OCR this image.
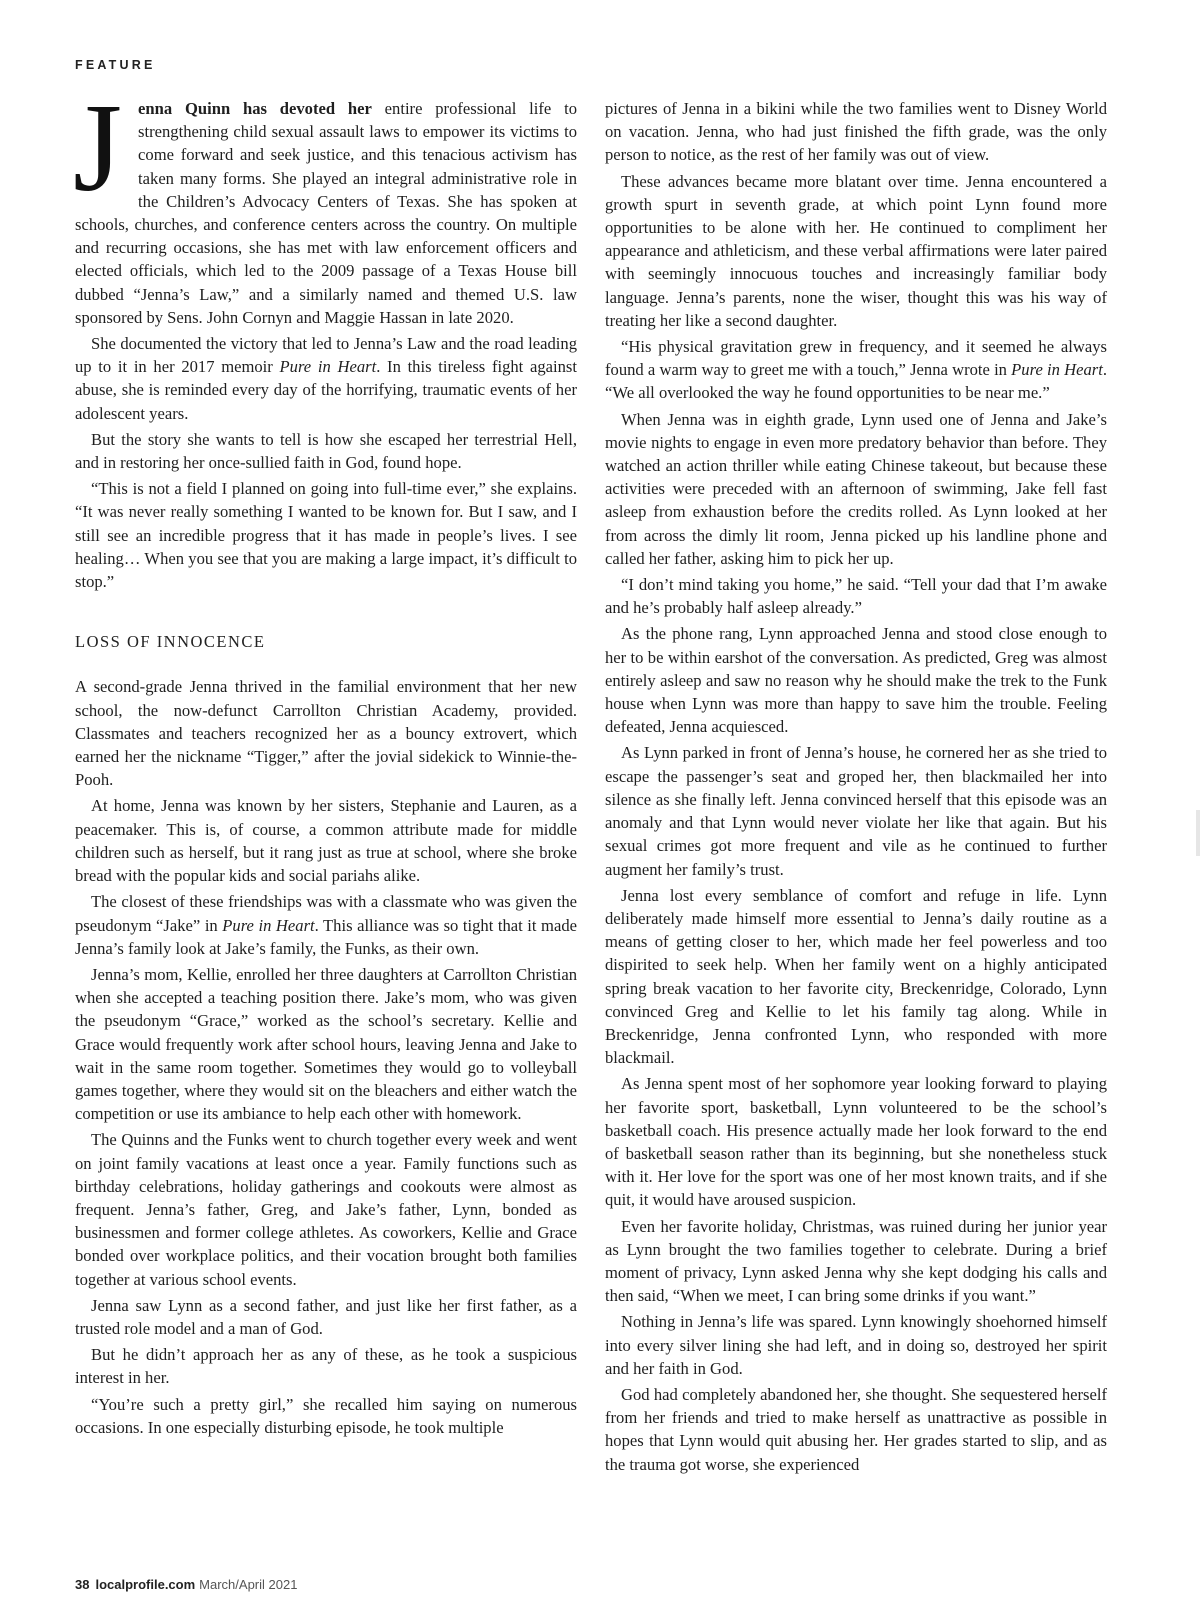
FEATURE

Jenna Quinn has devoted her entire professional life to strengthening child sexual assault laws to empower its victims to come forward and seek justice, and this tenacious activism has taken many forms. She played an integral administrative role in the Children’s Advocacy Centers of Texas. She has spoken at schools, churches, and conference centers across the country. On multiple and recurring occasions, she has met with law enforcement officers and elected officials, which led to the 2009 passage of a Texas House bill dubbed “Jenna’s Law,” and a similarly named and themed U.S. law sponsored by Sens. John Cornyn and Maggie Hassan in late 2020.

She documented the victory that led to Jenna’s Law and the road leading up to it in her 2017 memoir Pure in Heart. In this tireless fight against abuse, she is reminded every day of the horrifying, traumatic events of her adolescent years.

But the story she wants to tell is how she escaped her terrestrial Hell, and in restoring her once-sullied faith in God, found hope.

“This is not a field I planned on going into full-time ever,” she explains. “It was never really something I wanted to be known for. But I saw, and I still see an incredible progress that it has made in people’s lives. I see healing… When you see that you are making a large impact, it’s difficult to stop.”

LOSS OF INNOCENCE

A second-grade Jenna thrived in the familial environment that her new school, the now-defunct Carrollton Christian Academy, provided. Classmates and teachers recognized her as a bouncy extrovert, which earned her the nickname “Tigger,” after the jovial sidekick to Winnie-the-Pooh.

At home, Jenna was known by her sisters, Stephanie and Lauren, as a peacemaker. This is, of course, a common attribute made for middle children such as herself, but it rang just as true at school, where she broke bread with the popular kids and social pariahs alike.

The closest of these friendships was with a classmate who was given the pseudonym “Jake” in Pure in Heart. This alliance was so tight that it made Jenna’s family look at Jake’s family, the Funks, as their own.

Jenna’s mom, Kellie, enrolled her three daughters at Carrollton Christian when she accepted a teaching position there. Jake’s mom, who was given the pseudonym “Grace,” worked as the school’s secretary. Kellie and Grace would frequently work after school hours, leaving Jenna and Jake to wait in the same room together. Sometimes they would go to volleyball games together, where they would sit on the bleachers and either watch the competition or use its ambiance to help each other with homework.

The Quinns and the Funks went to church together every week and went on joint family vacations at least once a year. Family functions such as birthday celebrations, holiday gatherings and cookouts were almost as frequent. Jenna’s father, Greg, and Jake’s father, Lynn, bonded as businessmen and former college athletes. As coworkers, Kellie and Grace bonded over workplace politics, and their vocation brought both families together at various school events.

Jenna saw Lynn as a second father, and just like her first father, as a trusted role model and a man of God.

But he didn’t approach her as any of these, as he took a suspicious interest in her.

“You’re such a pretty girl,” she recalled him saying on numerous occasions. In one especially disturbing episode, he took multiple

pictures of Jenna in a bikini while the two families went to Disney World on vacation. Jenna, who had just finished the fifth grade, was the only person to notice, as the rest of her family was out of view.

These advances became more blatant over time. Jenna encountered a growth spurt in seventh grade, at which point Lynn found more opportunities to be alone with her. He continued to compliment her appearance and athleticism, and these verbal affirmations were later paired with seemingly innocuous touches and increasingly familiar body language. Jenna’s parents, none the wiser, thought this was his way of treating her like a second daughter.

“His physical gravitation grew in frequency, and it seemed he always found a warm way to greet me with a touch,” Jenna wrote in Pure in Heart. “We all overlooked the way he found opportunities to be near me.”

When Jenna was in eighth grade, Lynn used one of Jenna and Jake’s movie nights to engage in even more predatory behavior than before. They watched an action thriller while eating Chinese takeout, but because these activities were preceded with an afternoon of swimming, Jake fell fast asleep from exhaustion before the credits rolled. As Lynn looked at her from across the dimly lit room, Jenna picked up his landline phone and called her father, asking him to pick her up.

“I don’t mind taking you home,” he said. “Tell your dad that I’m awake and he’s probably half asleep already.”

As the phone rang, Lynn approached Jenna and stood close enough to her to be within earshot of the conversation. As predicted, Greg was almost entirely asleep and saw no reason why he should make the trek to the Funk house when Lynn was more than happy to save him the trouble. Feeling defeated, Jenna acquiesced.

As Lynn parked in front of Jenna’s house, he cornered her as she tried to escape the passenger’s seat and groped her, then blackmailed her into silence as she finally left. Jenna convinced herself that this episode was an anomaly and that Lynn would never violate her like that again. But his sexual crimes got more frequent and vile as he continued to further augment her family’s trust.

Jenna lost every semblance of comfort and refuge in life. Lynn deliberately made himself more essential to Jenna’s daily routine as a means of getting closer to her, which made her feel powerless and too dispirited to seek help. When her family went on a highly anticipated spring break vacation to her favorite city, Breckenridge, Colorado, Lynn convinced Greg and Kellie to let his family tag along. While in Breckenridge, Jenna confronted Lynn, who responded with more blackmail.

As Jenna spent most of her sophomore year looking forward to playing her favorite sport, basketball, Lynn volunteered to be the school’s basketball coach. His presence actually made her look forward to the end of basketball season rather than its beginning, but she nonetheless stuck with it. Her love for the sport was one of her most known traits, and if she quit, it would have aroused suspicion.

Even her favorite holiday, Christmas, was ruined during her junior year as Lynn brought the two families together to celebrate. During a brief moment of privacy, Lynn asked Jenna why she kept dodging his calls and then said, “When we meet, I can bring some drinks if you want.”

Nothing in Jenna’s life was spared. Lynn knowingly shoehorned himself into every silver lining she had left, and in doing so, destroyed her spirit and her faith in God.

God had completely abandoned her, she thought. She sequestered herself from her friends and tried to make herself as unattractive as possible in hopes that Lynn would quit abusing her. Her grades started to slip, and as the trauma got worse, she experienced

38 localprofile.com March/April 2021
